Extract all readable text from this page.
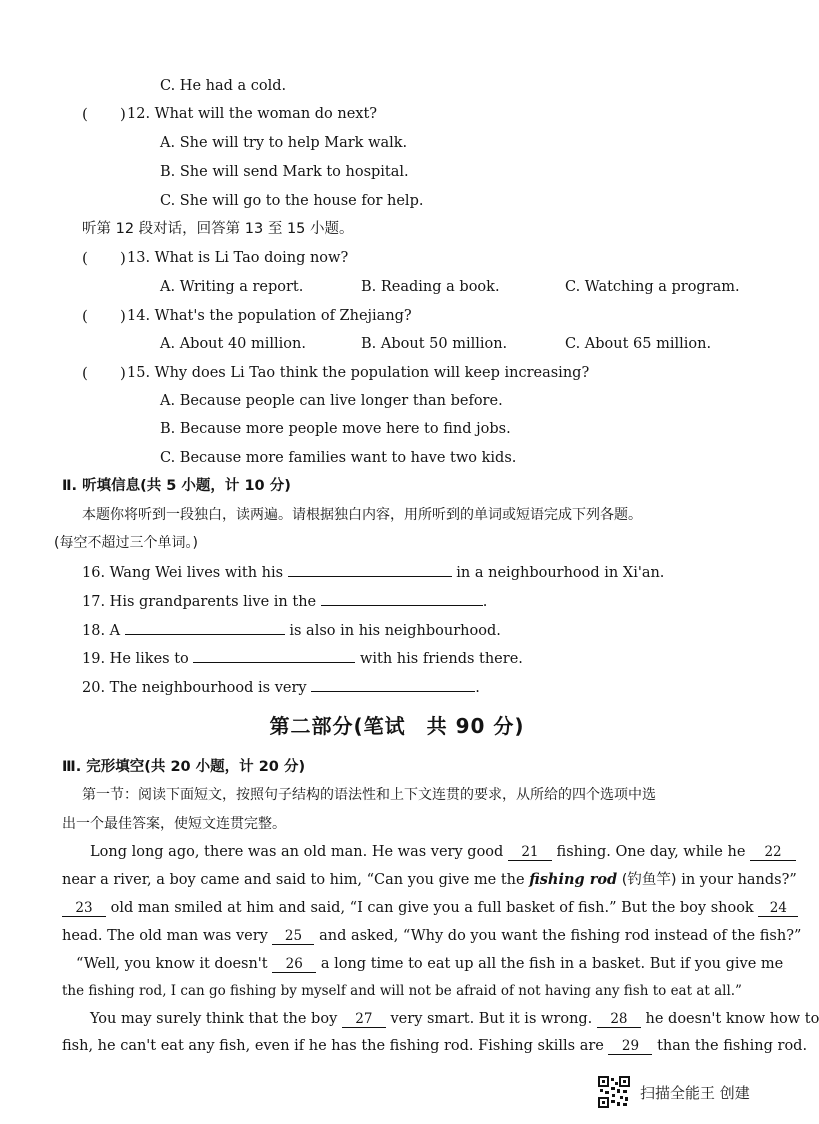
C. He had a cold.
( ) 12. What will the woman do next?
A. She will try to help Mark walk.
B. She will send Mark to hospital.
C. She will go to the house for help.
听第 12 段对话，回答第 13 至 15 小题。
( ) 13. What is Li Tao doing now?
A. Writing a report.	B. Reading a book.	C. Watching a program.
( ) 14. What's the population of Zhejiang?
A. About 40 million.	B. About 50 million.	C. About 65 million.
( ) 15. Why does Li Tao think the population will keep increasing?
A. Because people can live longer than before.
B. Because more people move here to find jobs.
C. Because more families want to have two kids.
Ⅱ. 听填信息(共 5 小题，计 10 分)
本题你将听到一段独白，读两遍。请根据独白内容，用所听到的单词或短语完成下列各题。
(每空不超过三个单词。)
16. Wang Wei lives with his	in a neighbourhood in Xi'an.
17. His grandparents live in the	.
18. A	is also in his neighbourhood.
19. He likes to	with his friends there.
20. The neighbourhood is very	.
第二部分(笔试　共 90 分)
Ⅲ. 完形填空(共 20 小题，计 20 分)
第一节：阅读下面短文，按照句子结构的语法性和上下文连贯的要求，从所给的四个选项中选
出一个最佳答案，使短文连贯完整。
Long long ago, there was an old man. He was very good 21 fishing. One day, while he 22
near a river, a boy came and said to him, “Can you give me the fishing rod (钓鱼竿) in your hands?”
23 old man smiled at him and said, “I can give you a full basket of fish.” But the boy shook 24
head. The old man was very 25 and asked, “Why do you want the fishing rod instead of the fish?”
“Well, you know it doesn't 26 a long time to eat up all the fish in a basket. But if you give me
the fishing rod, I can go fishing by myself and will not be afraid of not having any fish to eat at all.”
You may surely think that the boy 27 very smart. But it is wrong. 28 he doesn't know how to
fish, he can't eat any fish, even if he has the fishing rod. Fishing skills are 29 than the fishing rod.
扫描全能王 创建
